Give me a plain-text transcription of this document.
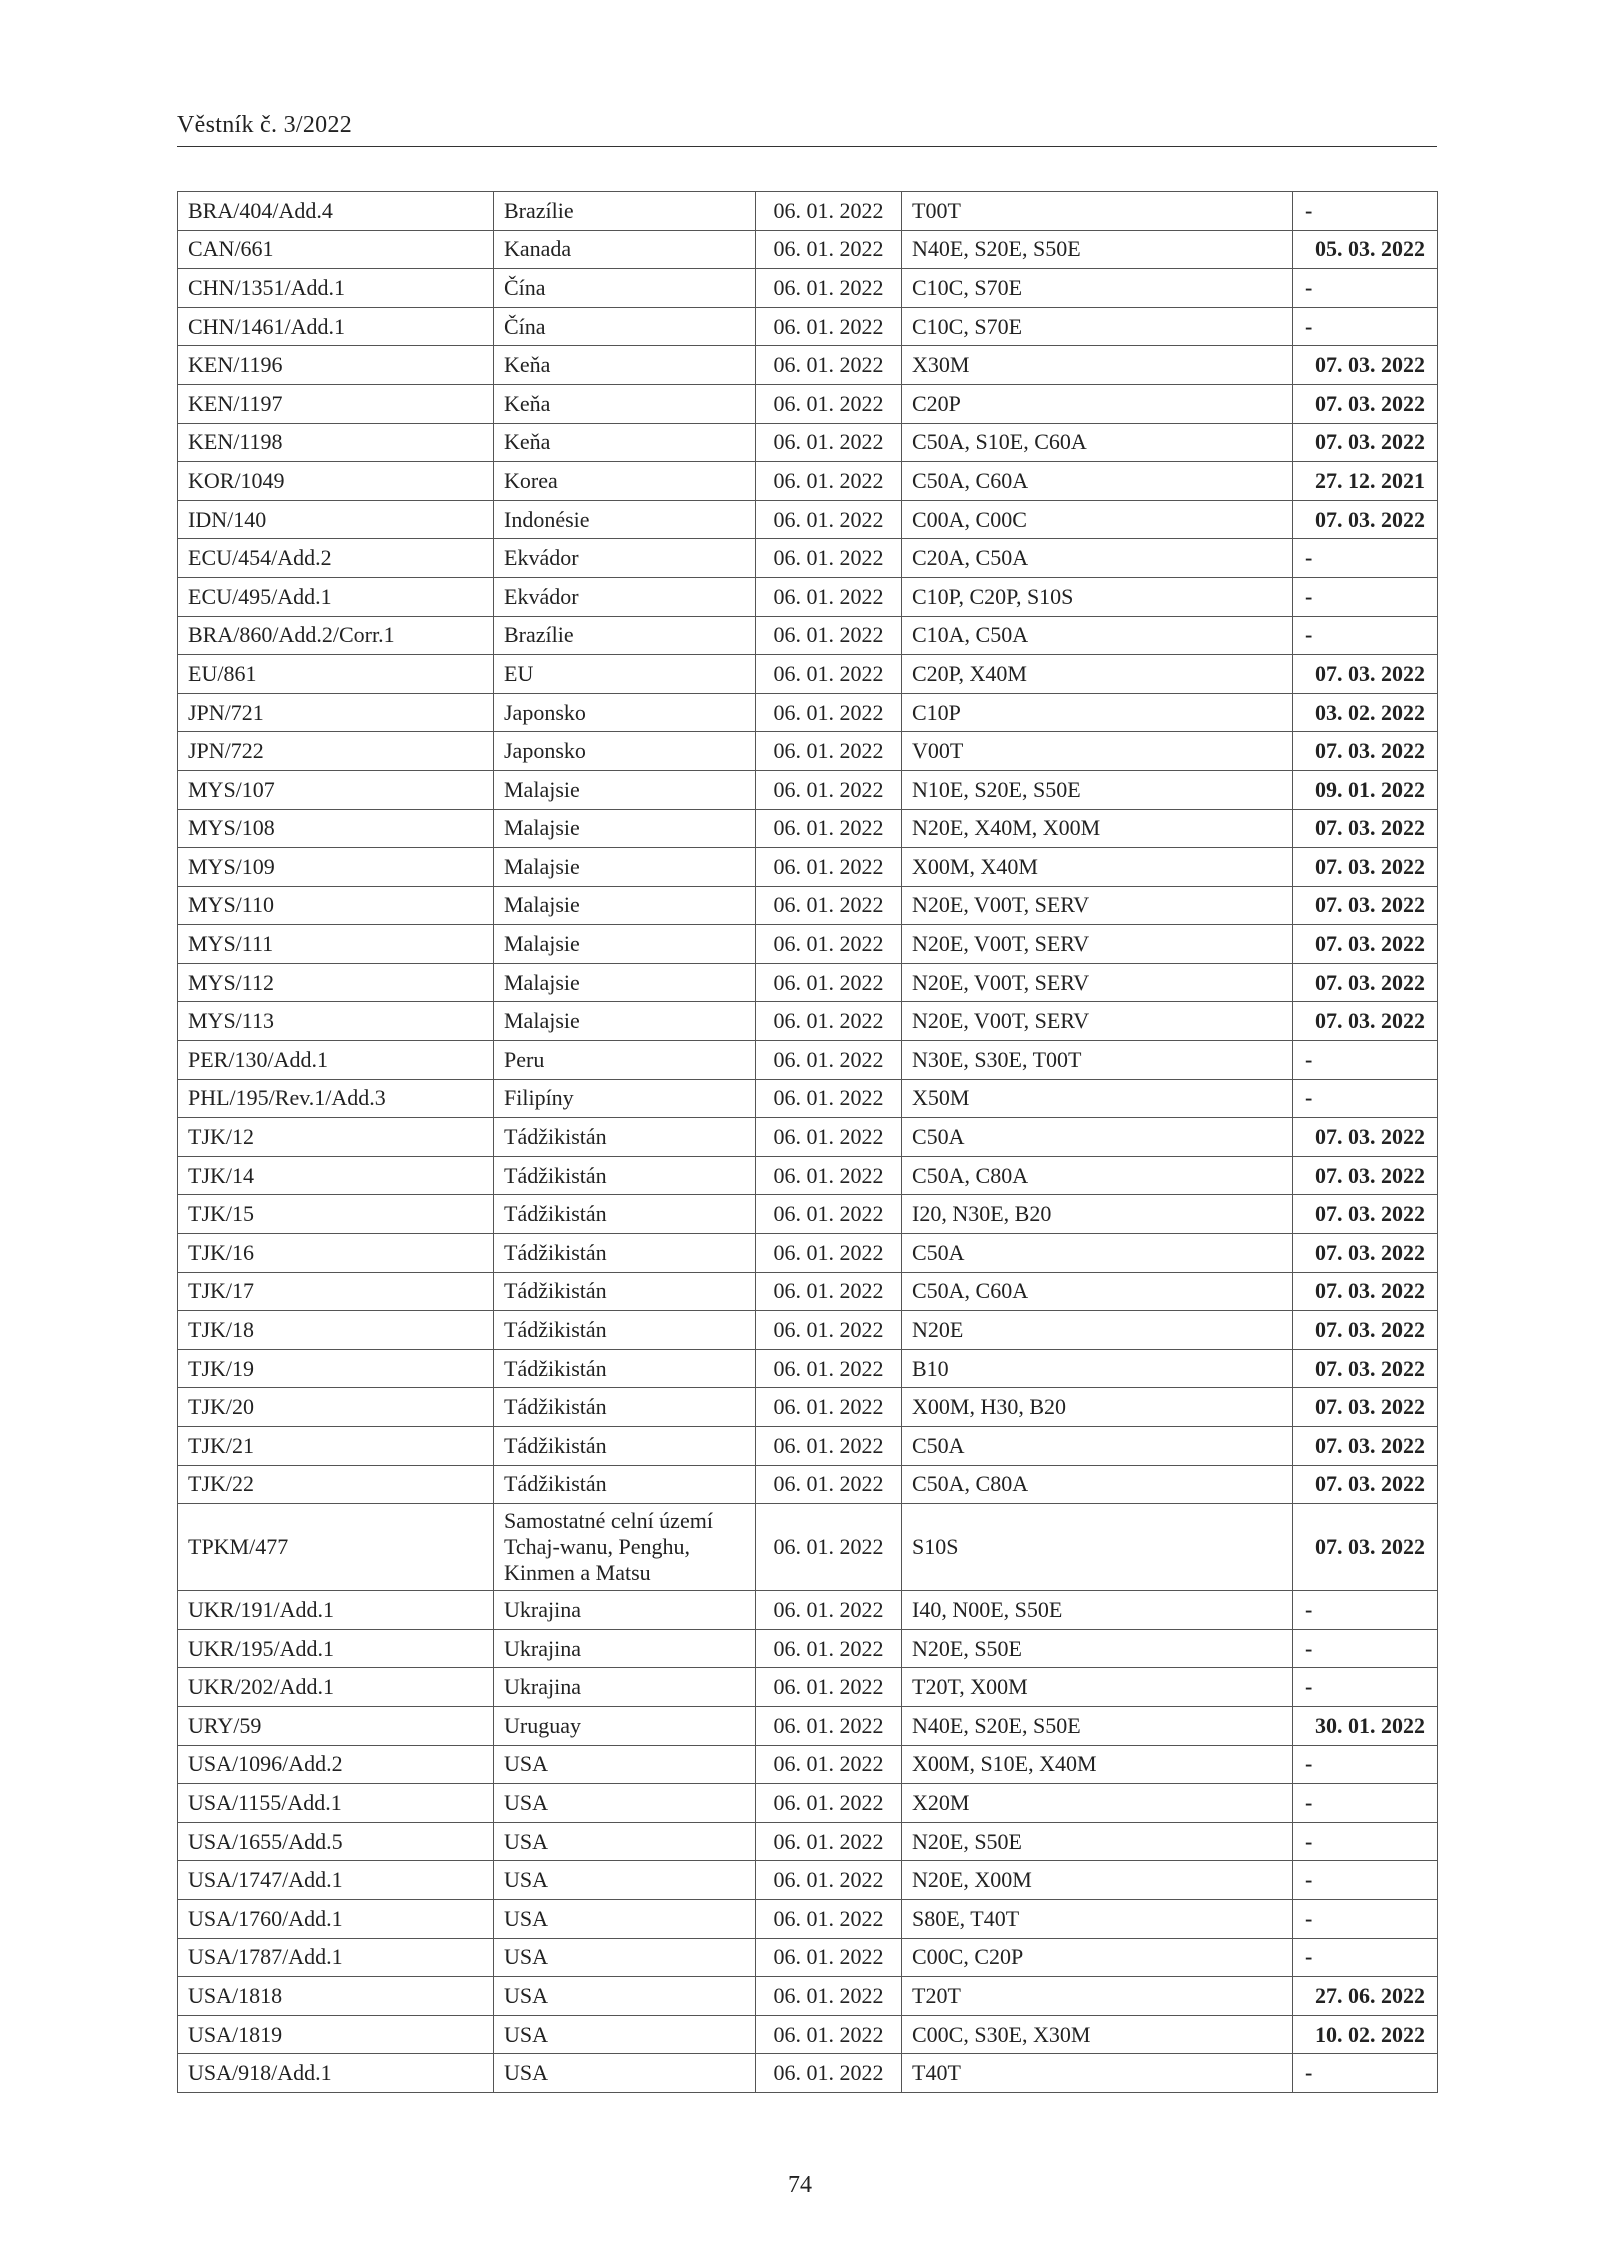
Věstník č. 3/2022
BRA/404/Add.4	Brazílie	06. 01. 2022	T00T	-
CAN/661	Kanada	06. 01. 2022	N40E, S20E, S50E	05. 03. 2022
CHN/1351/Add.1	Čína	06. 01. 2022	C10C, S70E	-
CHN/1461/Add.1	Čína	06. 01. 2022	C10C, S70E	-
KEN/1196	Keňa	06. 01. 2022	X30M	07. 03. 2022
KEN/1197	Keňa	06. 01. 2022	C20P	07. 03. 2022
KEN/1198	Keňa	06. 01. 2022	C50A, S10E, C60A	07. 03. 2022
KOR/1049	Korea	06. 01. 2022	C50A, C60A	27. 12. 2021
IDN/140	Indonésie	06. 01. 2022	C00A, C00C	07. 03. 2022
ECU/454/Add.2	Ekvádor	06. 01. 2022	C20A, C50A	-
ECU/495/Add.1	Ekvádor	06. 01. 2022	C10P, C20P, S10S	-
BRA/860/Add.2/Corr.1	Brazílie	06. 01. 2022	C10A, C50A	-
EU/861	EU	06. 01. 2022	C20P, X40M	07. 03. 2022
JPN/721	Japonsko	06. 01. 2022	C10P	03. 02. 2022
JPN/722	Japonsko	06. 01. 2022	V00T	07. 03. 2022
MYS/107	Malajsie	06. 01. 2022	N10E, S20E, S50E	09. 01. 2022
MYS/108	Malajsie	06. 01. 2022	N20E, X40M, X00M	07. 03. 2022
MYS/109	Malajsie	06. 01. 2022	X00M, X40M	07. 03. 2022
MYS/110	Malajsie	06. 01. 2022	N20E, V00T, SERV	07. 03. 2022
MYS/111	Malajsie	06. 01. 2022	N20E, V00T, SERV	07. 03. 2022
MYS/112	Malajsie	06. 01. 2022	N20E, V00T, SERV	07. 03. 2022
MYS/113	Malajsie	06. 01. 2022	N20E, V00T, SERV	07. 03. 2022
PER/130/Add.1	Peru	06. 01. 2022	N30E, S30E, T00T	-
PHL/195/Rev.1/Add.3	Filipíny	06. 01. 2022	X50M	-
TJK/12	Tádžikistán	06. 01. 2022	C50A	07. 03. 2022
TJK/14	Tádžikistán	06. 01. 2022	C50A, C80A	07. 03. 2022
TJK/15	Tádžikistán	06. 01. 2022	I20, N30E, B20	07. 03. 2022
TJK/16	Tádžikistán	06. 01. 2022	C50A	07. 03. 2022
TJK/17	Tádžikistán	06. 01. 2022	C50A, C60A	07. 03. 2022
TJK/18	Tádžikistán	06. 01. 2022	N20E	07. 03. 2022
TJK/19	Tádžikistán	06. 01. 2022	B10	07. 03. 2022
TJK/20	Tádžikistán	06. 01. 2022	X00M, H30, B20	07. 03. 2022
TJK/21	Tádžikistán	06. 01. 2022	C50A	07. 03. 2022
TJK/22	Tádžikistán	06. 01. 2022	C50A, C80A	07. 03. 2022
TPKM/477	Samostatné celní území Tchaj-wanu, Penghu, Kinmen a Matsu	06. 01. 2022	S10S	07. 03. 2022
UKR/191/Add.1	Ukrajina	06. 01. 2022	I40, N00E, S50E	-
UKR/195/Add.1	Ukrajina	06. 01. 2022	N20E, S50E	-
UKR/202/Add.1	Ukrajina	06. 01. 2022	T20T, X00M	-
URY/59	Uruguay	06. 01. 2022	N40E, S20E, S50E	30. 01. 2022
USA/1096/Add.2	USA	06. 01. 2022	X00M, S10E, X40M	-
USA/1155/Add.1	USA	06. 01. 2022	X20M	-
USA/1655/Add.5	USA	06. 01. 2022	N20E, S50E	-
USA/1747/Add.1	USA	06. 01. 2022	N20E, X00M	-
USA/1760/Add.1	USA	06. 01. 2022	S80E, T40T	-
USA/1787/Add.1	USA	06. 01. 2022	C00C, C20P	-
USA/1818	USA	06. 01. 2022	T20T	27. 06. 2022
USA/1819	USA	06. 01. 2022	C00C, S30E, X30M	10. 02. 2022
USA/918/Add.1	USA	06. 01. 2022	T40T	-
74
